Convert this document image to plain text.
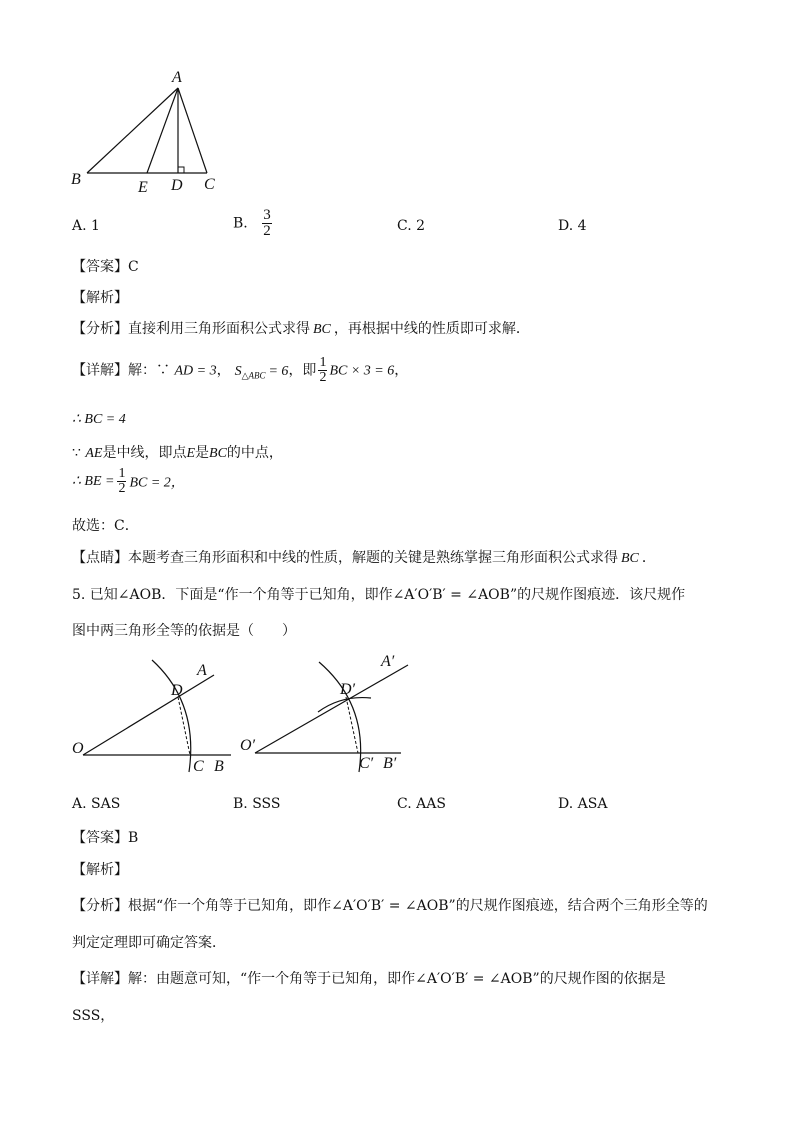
A
B	E D C
A. 1	B. $\frac{3}{2}$	C. 2	D. 4
【答案】C
【解析】
【分析】直接利用三角形面积公式求得 BC ，再根据中线的性质即可求解．
【详解】解：∵ AD = 3， $S_{\triangle ABC} = 6$，即 $\frac{1}{2}$ BC × 3 = 6，
∴ BC = 4
∵ AE是中线，即点E是BC的中点，
∴ BE = $\frac{1}{2}$ BC = 2，
故选：C．
【点睛】本题考查三角形面积和中线的性质，解题的关键是熟练掌握三角形面积公式求得 BC ．
5. 已知∠AOB．下面是“作一个角等于已知角，即作∠A′O′B′ = ∠AOB”的尺规作图痕迹．该尺规作
图中两三角形全等的依据是（　　）
O
A
D
C B
O′
A′
D′
C′ B′
A. SAS	B. SSS	C. AAS	D. ASA
【答案】B
【解析】
【分析】根据“作一个角等于已知角，即作∠A′O′B′ = ∠AOB”的尺规作图痕迹，结合两个三角形全等的
判定定理即可确定答案．
【详解】解：由题意可知，“作一个角等于已知角，即作∠A′O′B′ = ∠AOB”的尺规作图的依据是
SSS，
